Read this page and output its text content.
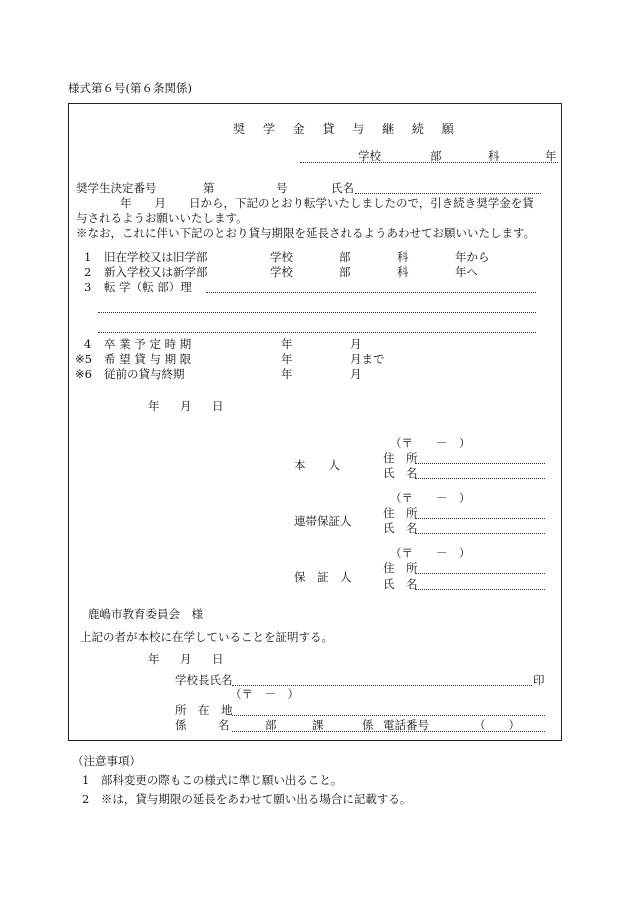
様式第６号(第６条関係)
奨 学 金 貸 与 継 続 願
学校	部	科	年
奨学生決定番号	第	号	氏名
年　　月　　日から，下記のとおり転学いたしましたので，引き続き奨学金を貸
与されるようお願いいたします。
※なお，これに伴い下記のとおり貸与期限を延長されるようあわせてお願いいたします。
1 旧在学校又は旧学部	学校	部	科	年から
2 新入学校又は新学部	学校	部	科	年へ
3 転 学（転 部）理
4 卒 業 予 定 時 期	年	月
※5 希 望 貸 与 期 限	年	月まで
※6 従前の貸与終期	年	月
年 月 日
（〒　　－　）
本　　人	住　所
氏　名
（〒　　－　）
連帯保証人
住　所
氏　名
（〒　　－　）
保　証　人
住　所
氏　名
鹿嶋市教育委員会　様
上記の者が本校に在学していることを証明する。
年 月 日
学校長氏名	印
（〒　－　）
所　在　地
係	名	部	課	係 電話番号	（　　）
（注意事項）
1　部科変更の際もこの様式に準じ願い出ること。
2　※は，貸与期限の延長をあわせて願い出る場合に記載する。
